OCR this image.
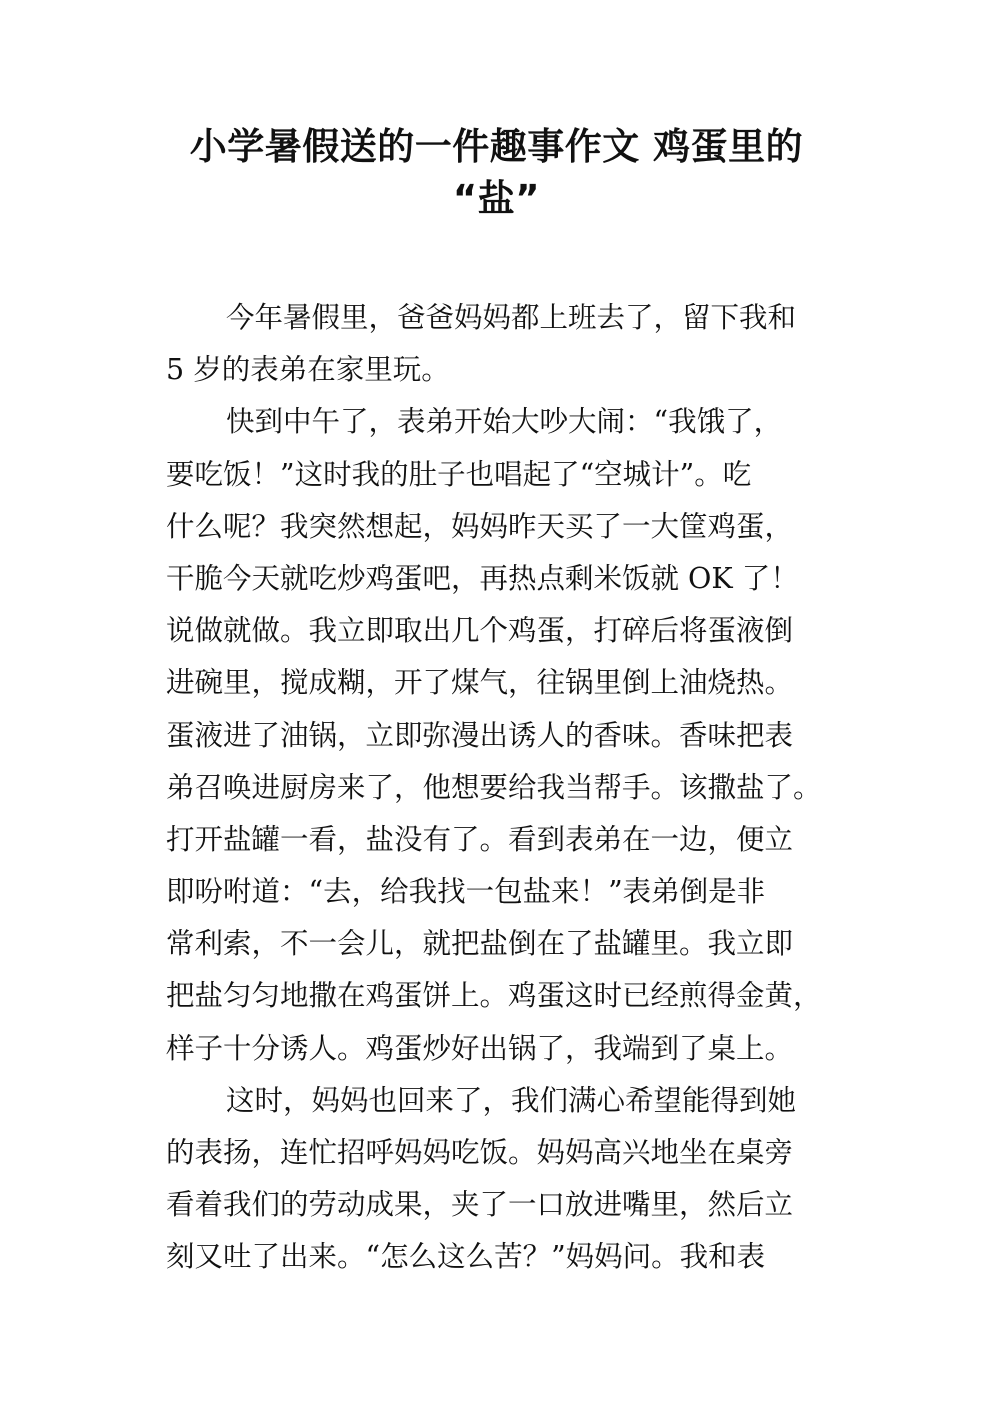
小学暑假送的一件趣事作文 鸡蛋里的
“盐”
今年暑假里，爸爸妈妈都上班去了，留下我和
5 岁的表弟在家里玩。
快到中午了，表弟开始大吵大闹：“我饿了，
要吃饭！”这时我的肚子也唱起了“空城计”。吃
什么呢？我突然想起，妈妈昨天买了一大筐鸡蛋，
干脆今天就吃炒鸡蛋吧，再热点剩米饭就 OK 了！
说做就做。我立即取出几个鸡蛋，打碎后将蛋液倒
进碗里，搅成糊，开了煤气，往锅里倒上油烧热。
蛋液进了油锅，立即弥漫出诱人的香味。香味把表
弟召唤进厨房来了，他想要给我当帮手。该撒盐了。
打开盐罐一看，盐没有了。看到表弟在一边，便立
即吩咐道：“去，给我找一包盐来！”表弟倒是非
常利索，不一会儿，就把盐倒在了盐罐里。我立即
把盐匀匀地撒在鸡蛋饼上。鸡蛋这时已经煎得金黄，
样子十分诱人。鸡蛋炒好出锅了，我端到了桌上。
这时，妈妈也回来了，我们满心希望能得到她
的表扬，连忙招呼妈妈吃饭。妈妈高兴地坐在桌旁
看着我们的劳动成果，夹了一口放进嘴里，然后立
刻又吐了出来。“怎么这么苦？”妈妈问。我和表
